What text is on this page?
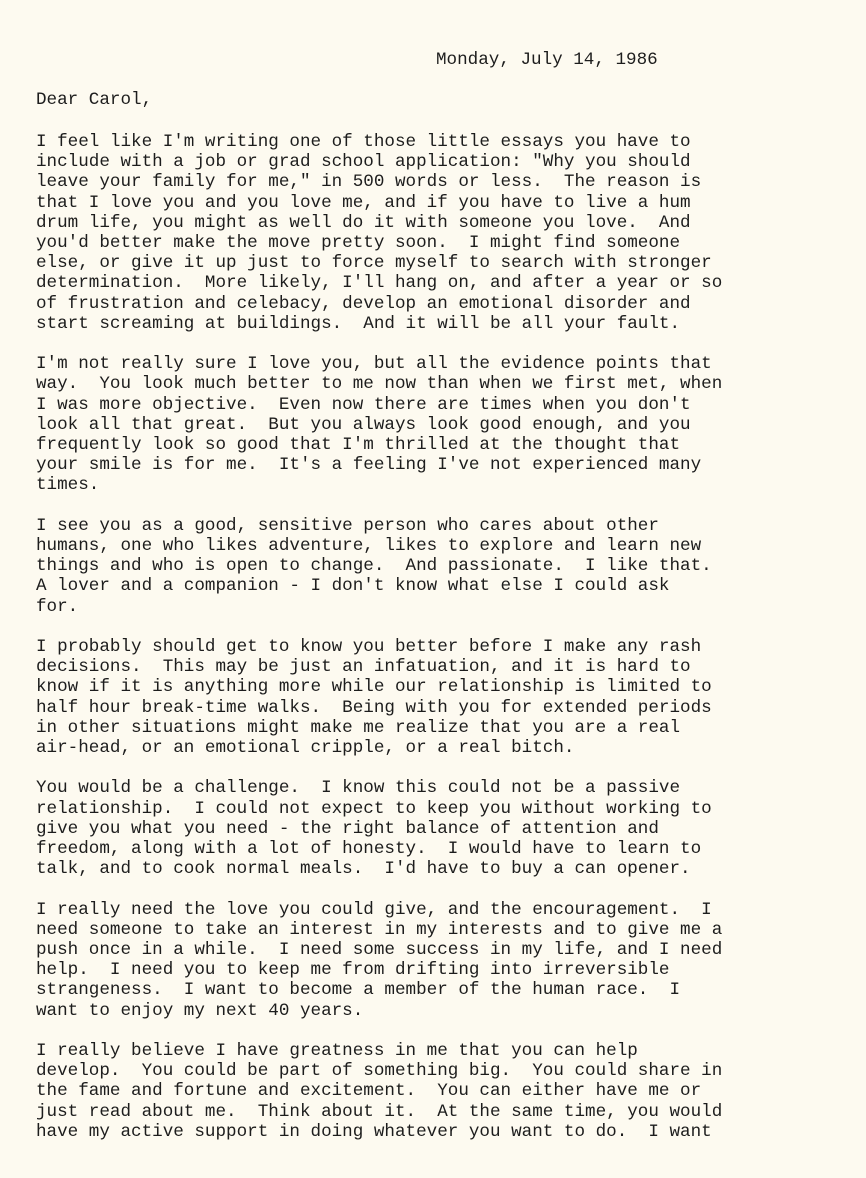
Monday, July 14, 1986
Dear Carol,
I feel like I'm writing one of those little essays you have to
include with a job or grad school application: "Why you should
leave your family for me," in 500 words or less.  The reason is
that I love you and you love me, and if you have to live a hum
drum life, you might as well do it with someone you love.  And
you'd better make the move pretty soon.  I might find someone
else, or give it up just to force myself to search with stronger
determination.  More likely, I'll hang on, and after a year or so
of frustration and celebacy, develop an emotional disorder and
start screaming at buildings.  And it will be all your fault.
I'm not really sure I love you, but all the evidence points that
way.  You look much better to me now than when we first met, when
I was more objective.  Even now there are times when you don't
look all that great.  But you always look good enough, and you
frequently look so good that I'm thrilled at the thought that
your smile is for me.  It's a feeling I've not experienced many
times.
I see you as a good, sensitive person who cares about other
humans, one who likes adventure, likes to explore and learn new
things and who is open to change.  And passionate.  I like that.
A lover and a companion - I don't know what else I could ask
for.
I probably should get to know you better before I make any rash
decisions.  This may be just an infatuation, and it is hard to
know if it is anything more while our relationship is limited to
half hour break-time walks.  Being with you for extended periods
in other situations might make me realize that you are a real
air-head, or an emotional cripple, or a real bitch.
You would be a challenge.  I know this could not be a passive
relationship.  I could not expect to keep you without working to
give you what you need - the right balance of attention and
freedom, along with a lot of honesty.  I would have to learn to
talk, and to cook normal meals.  I'd have to buy a can opener.
I really need the love you could give, and the encouragement.  I
need someone to take an interest in my interests and to give me a
push once in a while.  I need some success in my life, and I need
help.  I need you to keep me from drifting into irreversible
strangeness.  I want to become a member of the human race.  I
want to enjoy my next 40 years.
I really believe I have greatness in me that you can help
develop.  You could be part of something big.  You could share in
the fame and fortune and excitement.  You can either have me or
just read about me.  Think about it.  At the same time, you would
have my active support in doing whatever you want to do.  I want
